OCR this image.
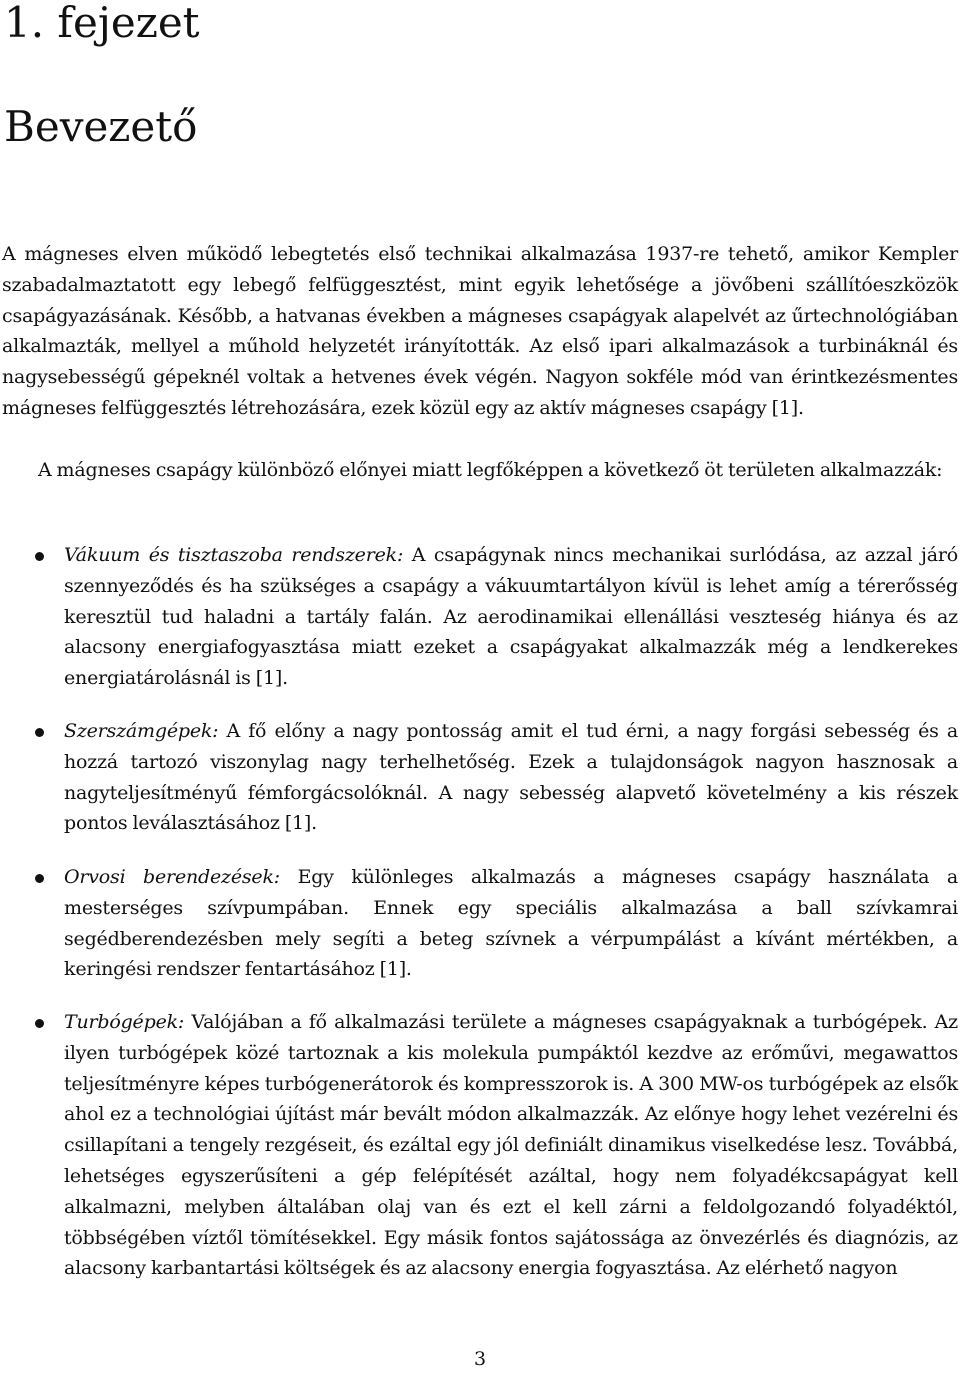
1. fejezet
Bevezető

A mágneses elven működő lebegtetés első technikai alkalmazása 1937-re tehető, amikor Kempler szabadalmaztatott egy lebegő felfüggesztést, mint egyik lehetősége a jövőbeni szállítóeszközök csapágyazásának. Később, a hatvanas években a mágneses csapágyak alapelvét az űrtechnológiában alkalmazták, mellyel a műhold helyzetét irányították. Az első ipari alkalmazások a turbináknál és nagysebességű gépeknél voltak a hetvenes évek végén. Nagyon sokféle mód van érintkezésmentes mágneses felfüggesztés létrehozására, ezek közül egy az aktív mágneses csapágy [1].

A mágneses csapágy különböző előnyei miatt legfőképpen a következő öt területen alkalmazzák:

Vákuum és tisztaszoba rendszerek: A csapágynak nincs mechanikai surlódása, az azzal járó szennyeződés és ha szükséges a csapágy a vákuumtartályon kívül is lehet amíg a térerősség keresztül tud haladni a tartály falán. Az aerodinamikai ellenállási veszteség hiánya és az alacsony energiafogyasztása miatt ezeket a csapágyakat alkalmazzák még a lendkerekes energiatárolásnál is [1].

Szerszámgépek: A fő előny a nagy pontosság amit el tud érni, a nagy forgási sebesség és a hozzá tartozó viszonylag nagy terhelhetőség. Ezek a tulajdonságok nagyon hasznosak a nagyteljesítményű fémforgácsolóknál. A nagy sebesség alapvető követelmény a kis részek pontos leválasztásához [1].

Orvosi berendezések: Egy különleges alkalmazás a mágneses csapágy használata a mesterséges szívpumpában. Ennek egy speciális alkalmazása a ball szívkamrai segédberendezésben mely segíti a beteg szívnek a vérpumpálást a kívánt mértékben, a keringési rendszer fentartásához [1].

Turbógépek: Valójában a fő alkalmazási területe a mágneses csapágyaknak a turbógépek. Az ilyen turbógépek közé tartoznak a kis molekula pumpáktól kezdve az erőművi, megawattos teljesítményre képes turbógenerátorok és kompresszorok is. A 300 MW-os turbógépek az elsők ahol ez a technológiai újítást már bevált módon alkalmazzák. Az előnye hogy lehet vezérelni és csillapítani a tengely rezgéseit, és ezáltal egy jól definiált dinamikus viselkedése lesz. Továbbá, lehetséges egyszerűsíteni a gép felépítését azáltal, hogy nem folyadékcsapágyat kell alkalmazni, melyben általában olaj van és ezt el kell zárni a feldolgozandó folyadéktól, többségében víztől tömítésekkel. Egy másik fontos sajátossága az önvezérlés és diagnózis, az alacsony karbantartási költségek és az alacsony energia fogyasztása. Az elérhető nagyon

3
